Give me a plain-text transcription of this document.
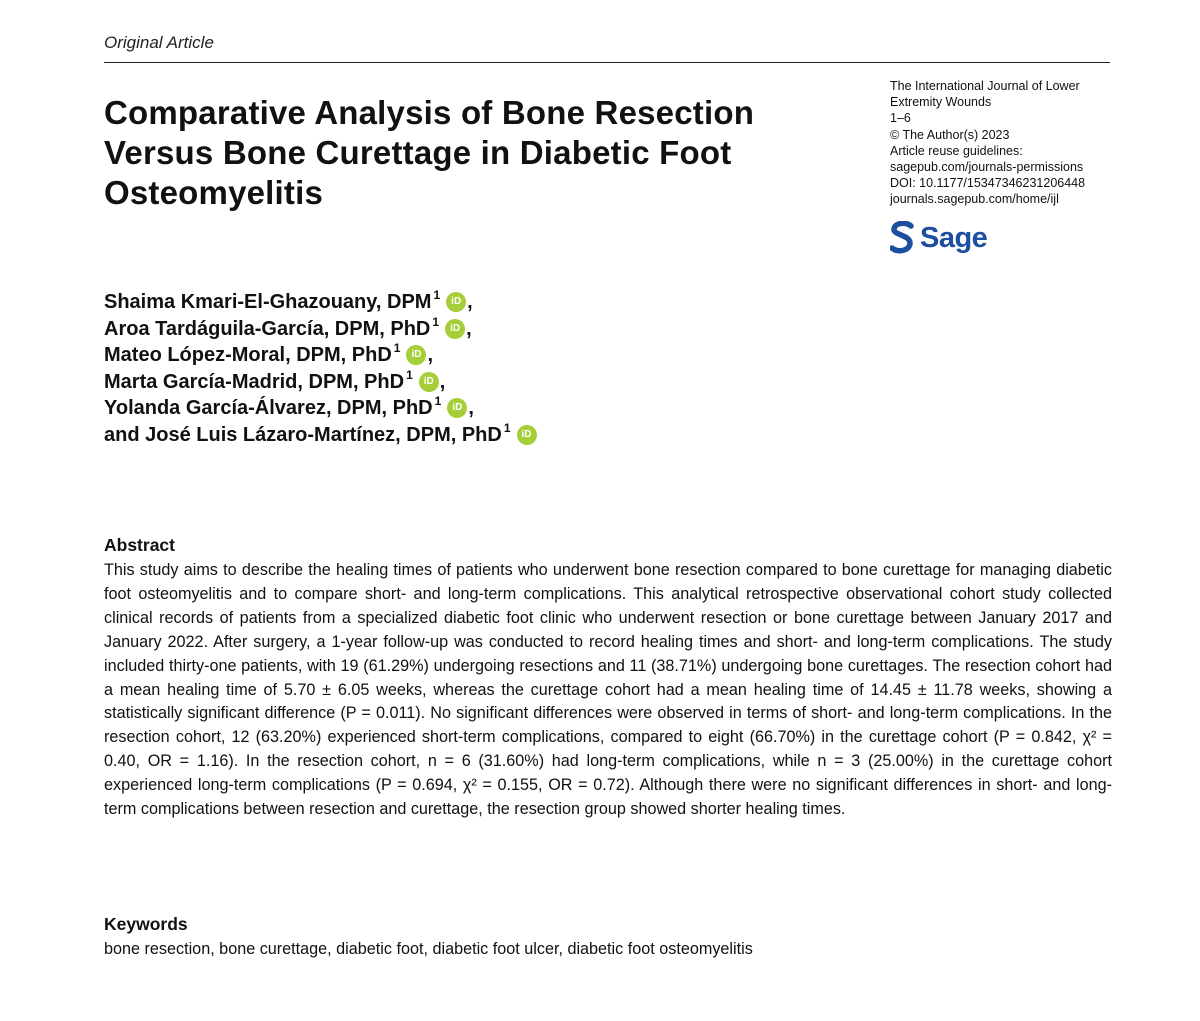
Original Article
Comparative Analysis of Bone Resection Versus Bone Curettage in Diabetic Foot Osteomyelitis
The International Journal of Lower
Extremity Wounds
1–6
© The Author(s) 2023
Article reuse guidelines:
sagepub.com/journals-permissions
DOI: 10.1177/15347346231206448
journals.sagepub.com/home/ijl
Sage
Shaima Kmari-El-Ghazouany, DPM 1	iD ,
Aroa Tardáguila-García, DPM, PhD 1	iD ,
Mateo López-Moral, DPM, PhD 1	iD ,
Marta García-Madrid, DPM, PhD 1	iD ,
Yolanda García-Álvarez, DPM, PhD 1	iD ,
and José Luis Lázaro-Martínez, DPM, PhD 1	iD
Abstract
This study aims to describe the healing times of patients who underwent bone resection compared to bone curettage for managing diabetic foot osteomyelitis and to compare short- and long-term complications. This analytical retrospective observational cohort study collected clinical records of patients from a specialized diabetic foot clinic who underwent resection or bone curettage between January 2017 and January 2022. After surgery, a 1-year follow-up was conducted to record healing times and short- and long-term complications. The study included thirty-one patients, with 19 (61.29%) undergoing resections and 11 (38.71%) undergoing bone curettages. The resection cohort had a mean healing time of 5.70 ± 6.05 weeks, whereas the curettage cohort had a mean healing time of 14.45 ± 11.78 weeks, showing a statistically significant difference (P = 0.011). No significant differences were observed in terms of short- and long-term complications. In the resection cohort, 12 (63.20%) experienced short-term complications, compared to eight (66.70%) in the curettage cohort (P = 0.842, χ² = 0.40, OR = 1.16). In the resection cohort, n = 6 (31.60%) had long-term complications, while n = 3 (25.00%) in the curettage cohort experienced long-term complications (P = 0.694, χ² = 0.155, OR = 0.72). Although there were no significant differences in short- and long-term complications between resection and curettage, the resection group showed shorter healing times.
Keywords
bone resection, bone curettage, diabetic foot, diabetic foot ulcer, diabetic foot osteomyelitis
